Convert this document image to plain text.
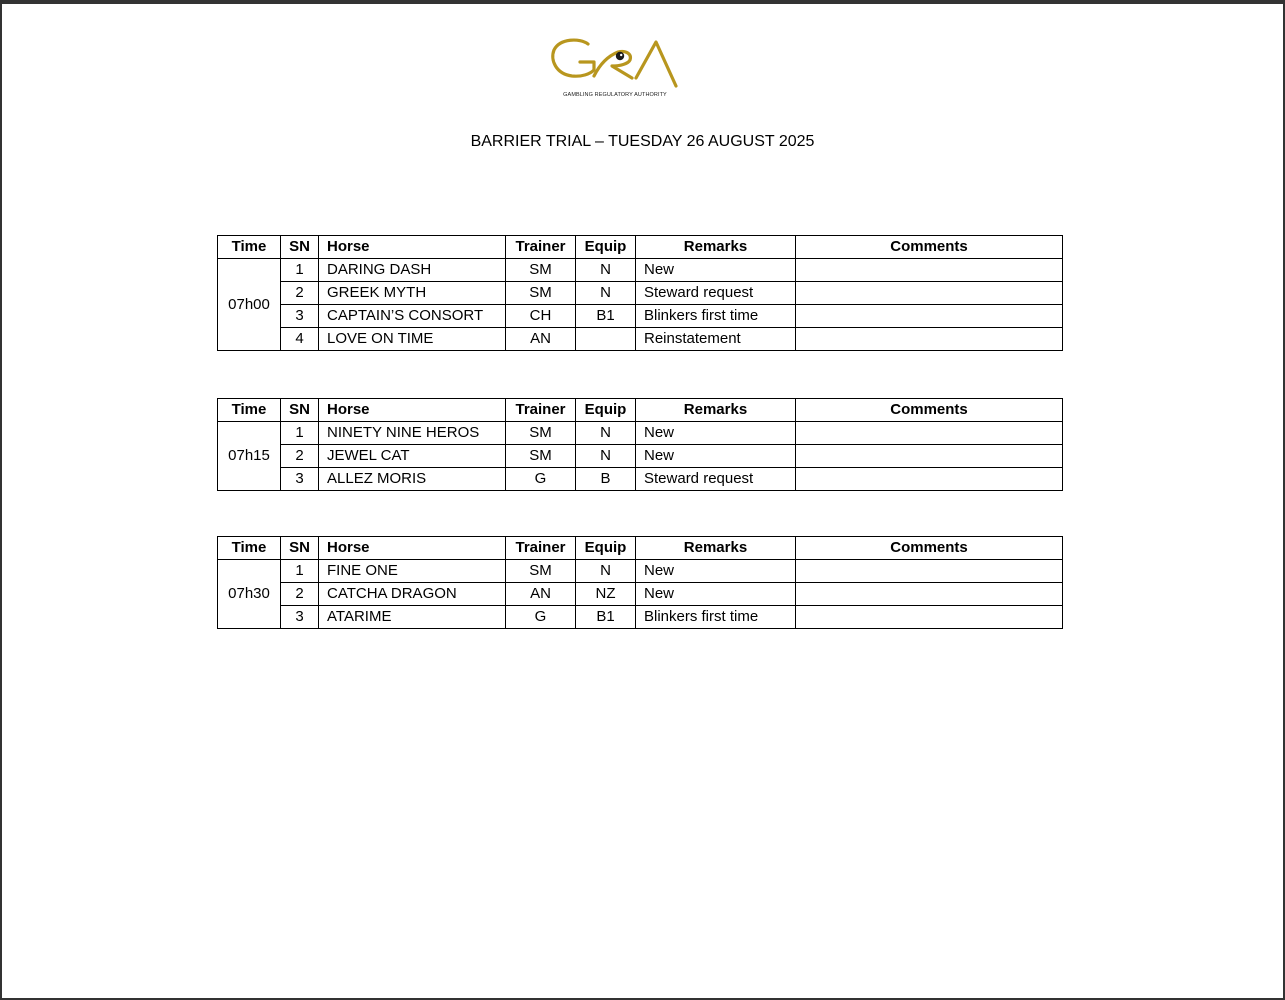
GAMBLING REGULATORY AUTHORITY
BARRIER TRIAL – TUESDAY 26 AUGUST 2025
Time	SN	Horse	Trainer	Equip	Remarks	Comments
07h00	1	DARING DASH	SM	N	New	
	2	GREEK MYTH	SM	N	Steward request	
	3	CAPTAIN’S CONSORT	CH	B1	Blinkers first time	
	4	LOVE ON TIME	AN		Reinstatement	
Time	SN	Horse	Trainer	Equip	Remarks	Comments
07h15	1	NINETY NINE HEROS	SM	N	New	
	2	JEWEL CAT	SM	N	New	
	3	ALLEZ MORIS	G	B	Steward request	
Time	SN	Horse	Trainer	Equip	Remarks	Comments
07h30	1	FINE ONE	SM	N	New	
	2	CATCHA DRAGON	AN	NZ	New	
	3	ATARIME	G	B1	Blinkers first time	
